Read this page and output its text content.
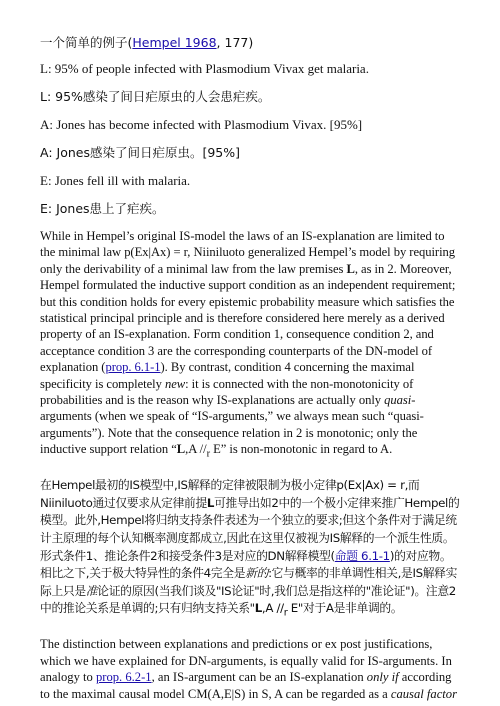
一个简单的例子(Hempel 1968, 177)

L: 95% of people infected with Plasmodium Vivax get malaria.

L: 95%感染了间日疟原虫的人会患疟疾。

A: Jones has become infected with Plasmodium Vivax. [95%]

A: Jones感染了间日疟原虫。[95%]

E: Jones fell ill with malaria.

E: Jones患上了疟疾。

While in Hempel’s original IS-model the laws of an IS-explanation are limited to the minimal law p(Ex|Ax) = r, Niiniluoto generalized Hempel’s model by requiring only the derivability of a minimal law from the law premises L, as in 2. Moreover, Hempel formulated the inductive support condition as an independent requirement; but this condition holds for every epistemic probability measure which satisfies the statistical principal principle and is therefore considered here merely as a derived property of an IS-explanation. Form condition 1, consequence condition 2, and acceptance condition 3 are the corresponding counterparts of the DN-model of explanation (prop. 6.1-1). By contrast, condition 4 concerning the maximal specificity is completely new: it is connected with the non-monotonicity of probabilities and is the reason why IS-explanations are actually only quasi-arguments (when we speak of “IS-arguments,” we always mean such “quasi-arguments”). Note that the consequence relation in 2 is monotonic; only the inductive support relation “L,A $//_r$ E” is non-monotonic in regard to A.

在Hempel最初的IS模型中,IS解释的定律被限制为极小定律p(Ex|Ax) = r,而Niiniluoto通过仅要求从定律前提L可推导出如2中的一个极小定律来推广Hempel的模型。此外,Hempel将归纳支持条件表述为一个独立的要求;但这个条件对于满足统计主原理的每个认知概率测度都成立,因此在这里仅被视为IS解释的一个派生性质。形式条件1、推论条件2和接受条件3是对应的DN解释模型(命题 6.1-1)的对应物。相比之下,关于极大特异性的条件4完全是新的:它与概率的非单调性相关,是IS解释实际上只是准论证的原因(当我们谈及"IS论证"时,我们总是指这样的"准论证")。注意2中的推论关系是单调的;只有归纳支持关系"L,A $//_r$ E"对于A是非单调的。

The distinction between explanations and predictions or ex post justifications, which we have explained for DN-arguments, is equally valid for IS-arguments. In analogy to prop. 6.2-1, an IS-argument can be an IS-explanation only if according to the maximal causal model CM(A,E|S) in S, A can be regarded as a causal factor
